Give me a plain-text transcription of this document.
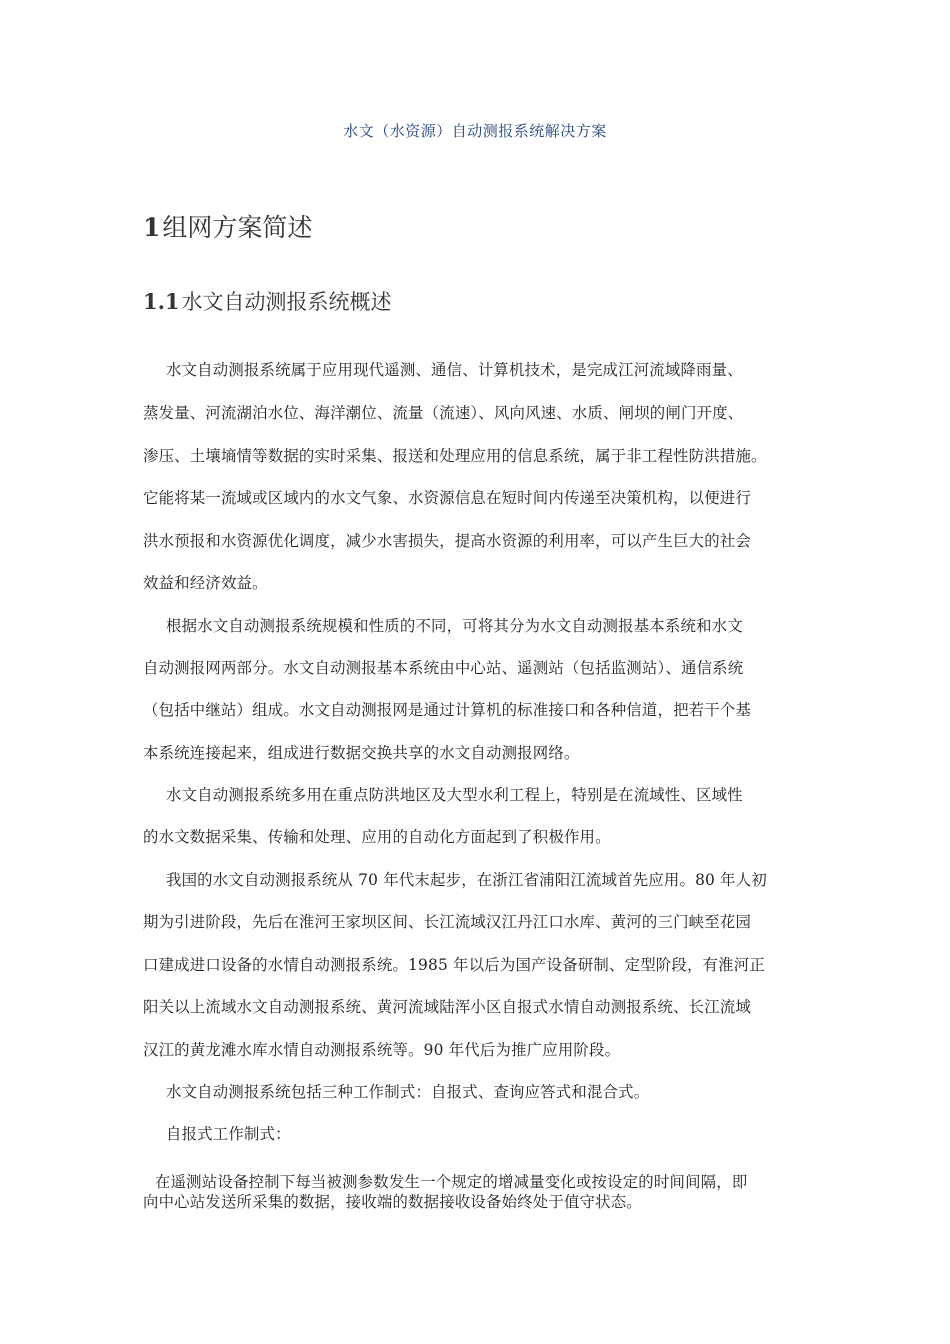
水文（水资源）自动测报系统解决方案
1组网方案简述
1.1水文自动测报系统概述
水文自动测报系统属于应用现代遥测、通信、计算机技术，是完成江河流域降雨量、
蒸发量、河流湖泊水位、海洋潮位、流量（流速）、风向风速、水质、闸坝的闸门开度、
渗压、土壤墒情等数据的实时采集、报送和处理应用的信息系统，属于非工程性防洪措施。
它能将某一流域或区域内的水文气象、水资源信息在短时间内传递至决策机构，以便进行
洪水预报和水资源优化调度，减少水害损失，提高水资源的利用率，可以产生巨大的社会
效益和经济效益。
根据水文自动测报系统规模和性质的不同，可将其分为水文自动测报基本系统和水文
自动测报网两部分。水文自动测报基本系统由中心站、遥测站（包括监测站）、通信系统
（包括中继站）组成。水文自动测报网是通过计算机的标准接口和各种信道，把若干个基
本系统连接起来，组成进行数据交换共享的水文自动测报网络。
水文自动测报系统多用在重点防洪地区及大型水利工程上，特别是在流域性、区域性
的水文数据采集、传输和处理、应用的自动化方面起到了积极作用。
我国的水文自动测报系统从 70 年代末起步，在浙江省浦阳江流域首先应用。80 年人初
期为引进阶段，先后在淮河王家坝区间、长江流域汉江丹江口水库、黄河的三门峡至花园
口建成进口设备的水情自动测报系统。1985 年以后为国产设备研制、定型阶段，有淮河正
阳关以上流域水文自动测报系统、黄河流域陆浑小区自报式水情自动测报系统、长江流域
汉江的黄龙滩水库水情自动测报系统等。90 年代后为推广应用阶段。
水文自动测报系统包括三种工作制式：自报式、查询应答式和混合式。
自报式工作制式：
在遥测站设备控制下每当被测参数发生一个规定的增减量变化或按设定的时间间隔，即
向中心站发送所采集的数据，接收端的数据接收设备始终处于值守状态。
